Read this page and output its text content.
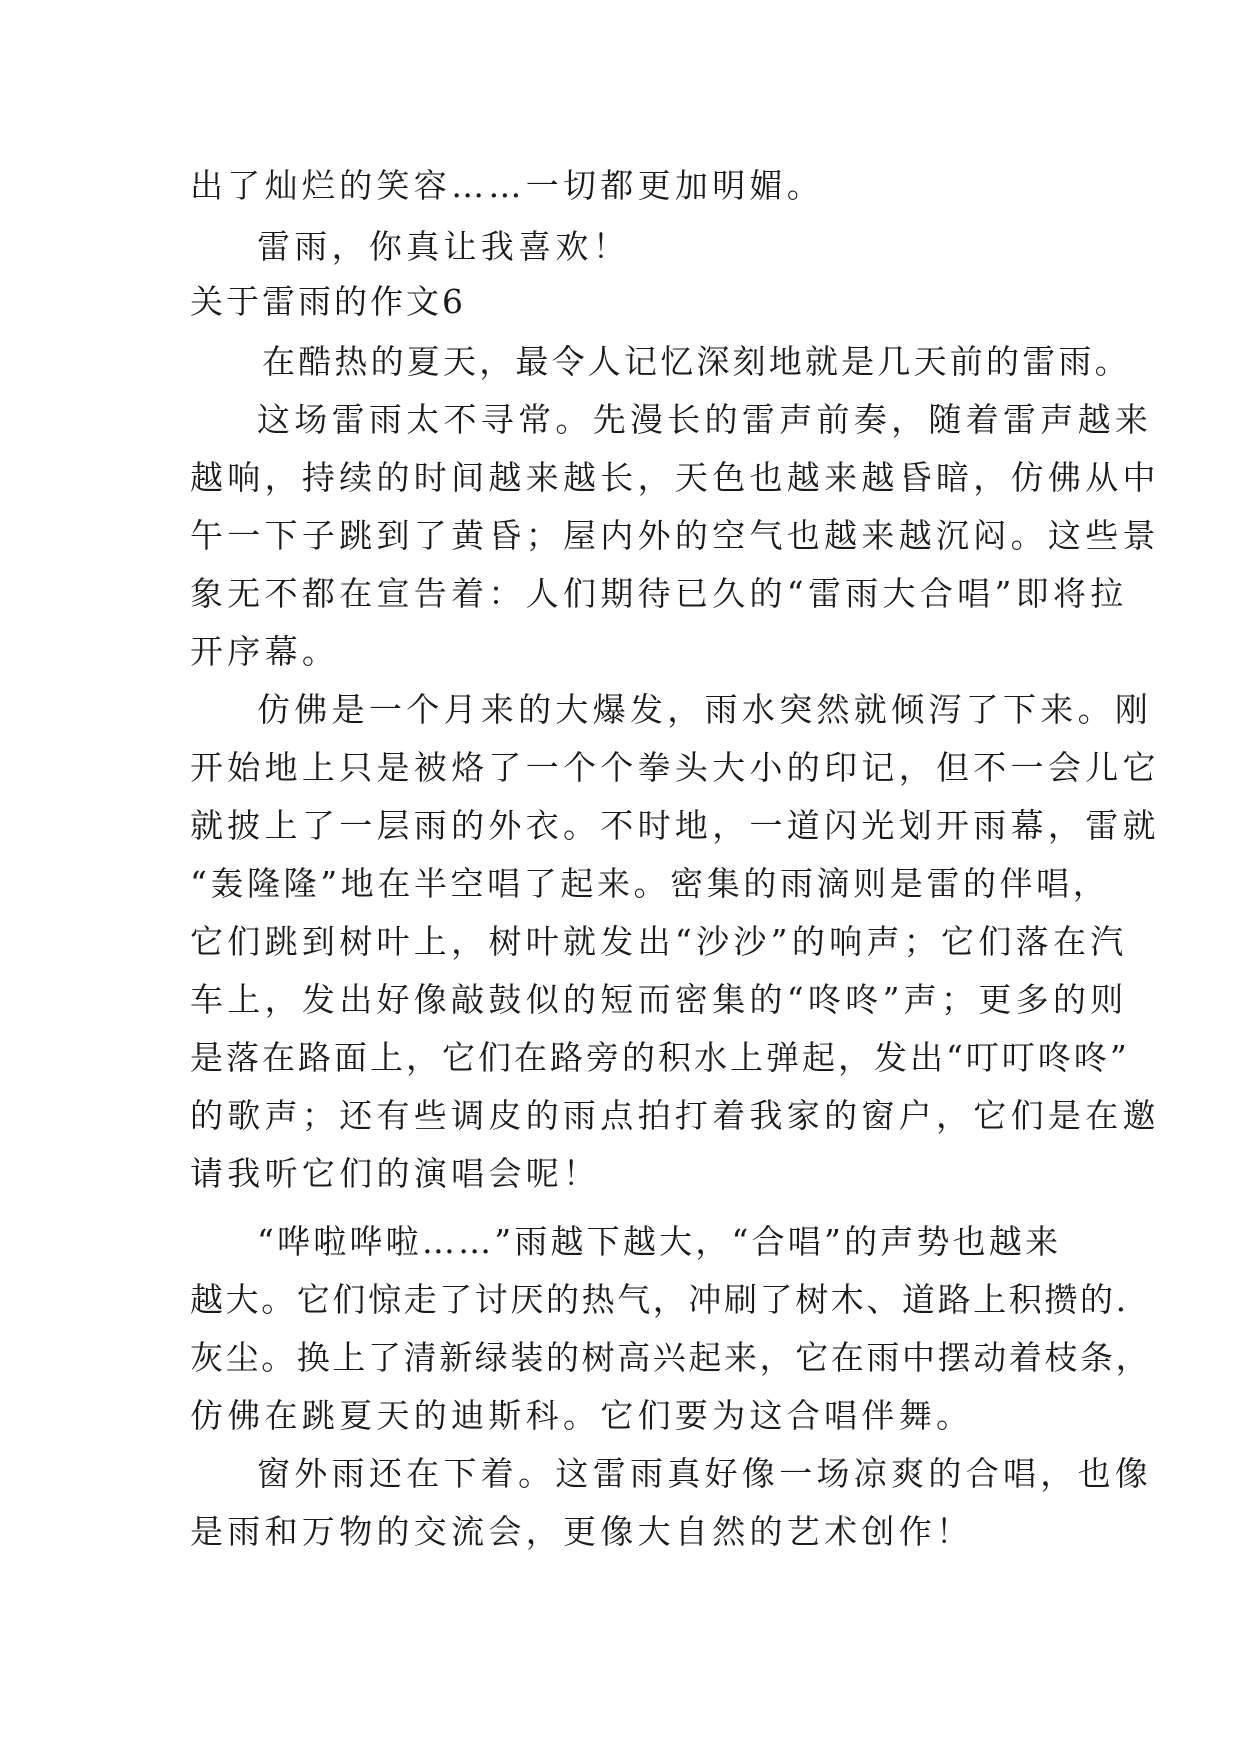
出了灿烂的笑容……一切都更加明媚。
雷雨，你真让我喜欢！
关于雷雨的作文6
在酷热的夏天，最令人记忆深刻地就是几天前的雷雨。
这场雷雨太不寻常。先漫长的雷声前奏，随着雷声越来
越响，持续的时间越来越长，天色也越来越昏暗，仿佛从中
午一下子跳到了黄昏；屋内外的空气也越来越沉闷。这些景
象无不都在宣告着：人们期待已久的“雷雨大合唱”即将拉
开序幕。
仿佛是一个月来的大爆发，雨水突然就倾泻了下来。刚
开始地上只是被烙了一个个拳头大小的印记，但不一会儿它
就披上了一层雨的外衣。不时地，一道闪光划开雨幕，雷就
“轰隆隆”地在半空唱了起来。密集的雨滴则是雷的伴唱，
它们跳到树叶上，树叶就发出“沙沙”的响声；它们落在汽
车上，发出好像敲鼓似的短而密集的“咚咚”声；更多的则
是落在路面上，它们在路旁的积水上弹起，发出“叮叮咚咚”
的歌声；还有些调皮的雨点拍打着我家的窗户，它们是在邀
请我听它们的演唱会呢！
“哗啦哗啦……”雨越下越大，“合唱”的声势也越来
越大。它们惊走了讨厌的热气，冲刷了树木、道路上积攒的.
灰尘。换上了清新绿装的树高兴起来，它在雨中摆动着枝条，
仿佛在跳夏天的迪斯科。它们要为这合唱伴舞。
窗外雨还在下着。这雷雨真好像一场凉爽的合唱，也像
是雨和万物的交流会，更像大自然的艺术创作！
